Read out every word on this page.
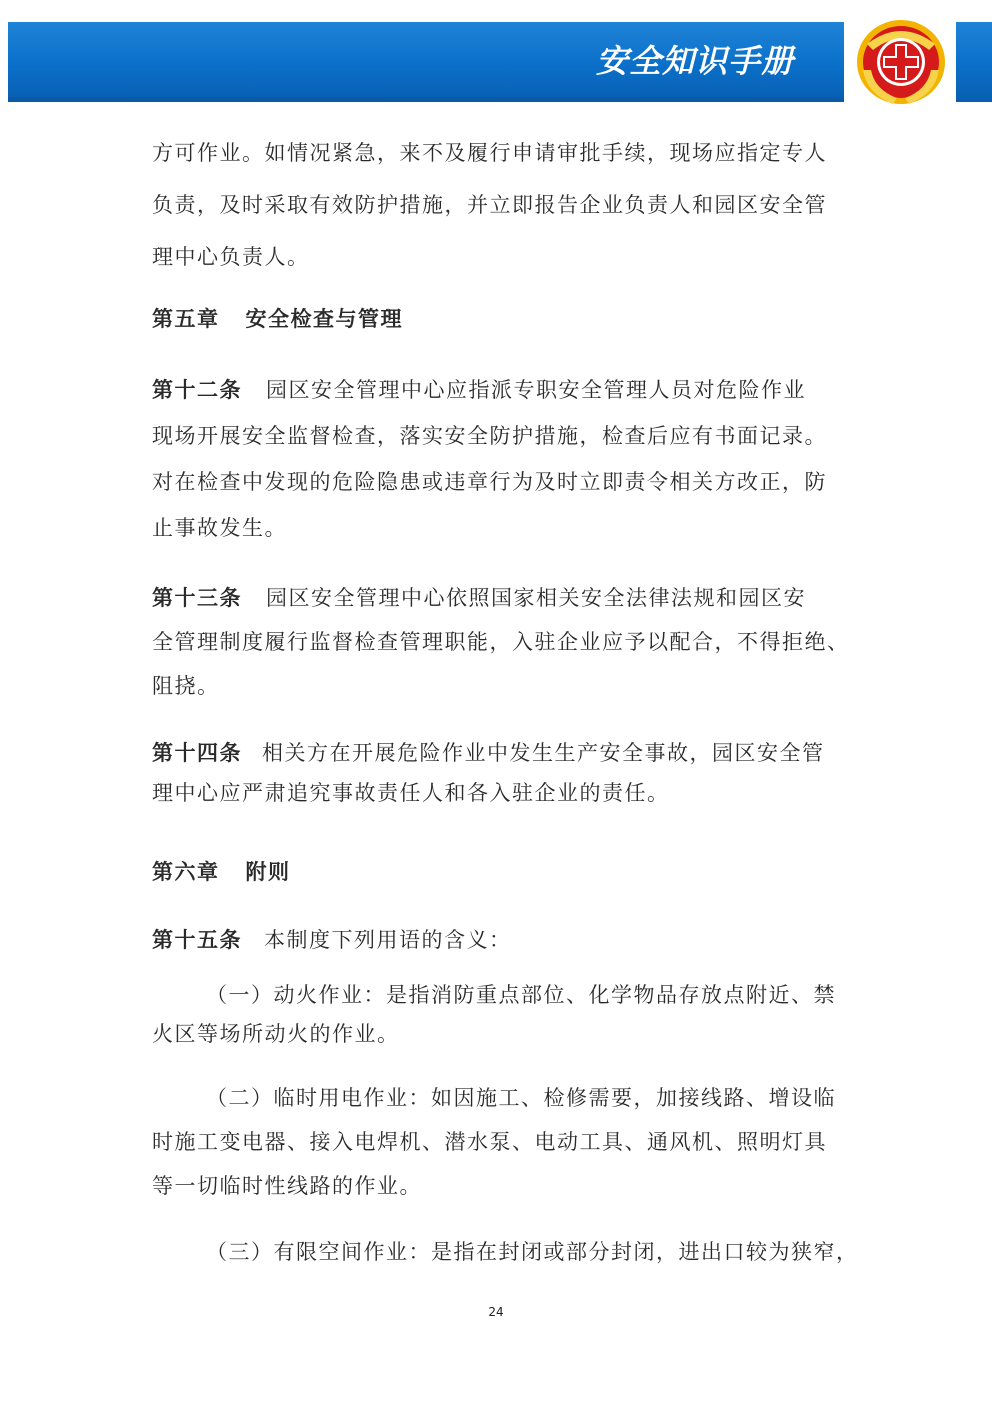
安全知识手册
方可作业。如情况紧急，来不及履行申请审批手续，现场应指定专人
负责，及时采取有效防护措施，并立即报告企业负责人和园区安全管
理中心负责人。
第五章 安全检查与管理
第十二条 园区安全管理中心应指派专职安全管理人员对危险作业
现场开展安全监督检查，落实安全防护措施，检查后应有书面记录。
对在检查中发现的危险隐患或违章行为及时立即责令相关方改正，防
止事故发生。
第十三条 园区安全管理中心依照国家相关安全法律法规和园区安
全管理制度履行监督检查管理职能，入驻企业应予以配合，不得拒绝、
阻挠。
第十四条 相关方在开展危险作业中发生生产安全事故，园区安全管
理中心应严肃追究事故责任人和各入驻企业的责任。
第六章 附则
第十五条 本制度下列用语的含义：
（一）动火作业：是指消防重点部位、化学物品存放点附近、禁
火区等场所动火的作业。
（二）临时用电作业：如因施工、检修需要，加接线路、增设临
时施工变电器、接入电焊机、潜水泵、电动工具、通风机、照明灯具
等一切临时性线路的作业。
（三）有限空间作业：是指在封闭或部分封闭，进出口较为狭窄，
24
